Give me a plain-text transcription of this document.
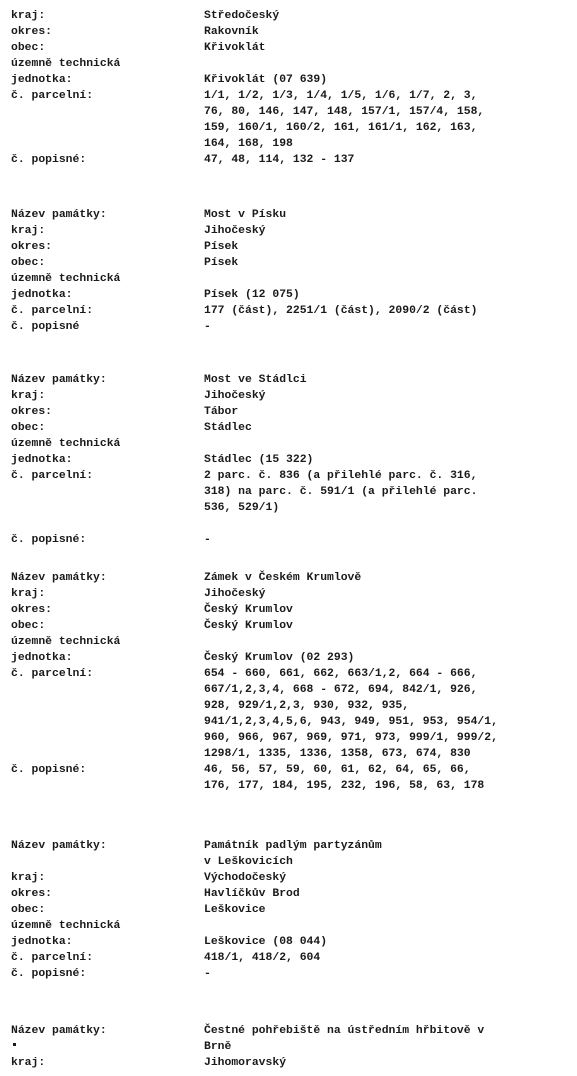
kraj:	Středočeský
okres:	Rakovník
obec:	Křivoklát
územně technická
jednotka:	Křivoklát (07 639)
č. parcelní:	1/1, 1/2, 1/3, 1/4, 1/5, 1/6, 1/7, 2, 3,
76, 80, 146, 147, 148, 157/1, 157/4, 158,
159, 160/1, 160/2, 161, 161/1, 162, 163,
164, 168, 198
č. popisné:	47, 48, 114, 132 - 137
Název památky:	Most v Písku
kraj:	Jihočeský
okres:	Písek
obec:	Písek
územně technická
jednotka:	Písek (12 075)
č. parcelní:	177 (část), 2251/1 (část), 2090/2 (část)
č. popisné	-
Název památky:	Most ve Stádlci
kraj:	Jihočeský
okres:	Tábor
obec:	Stádlec
územně technická
jednotka:	Stádlec (15 322)
č. parcelní:	2 parc. č. 836 (a přilehlé parc. č. 316,
318) na parc. č. 591/1 (a přilehlé parc.
536, 529/1)
č. popisné:	-
Název památky:	Zámek v Českém Krumlově
kraj:	Jihočeský
okres:	Český Krumlov
obec:	Český Krumlov
územně technická
jednotka:	Český Krumlov (02 293)
č. parcelní:	654 - 660, 661, 662, 663/1,2, 664 - 666,
667/1,2,3,4, 668 - 672, 694, 842/1, 926,
928, 929/1,2,3, 930, 932, 935,
941/1,2,3,4,5,6, 943, 949, 951, 953, 954/1,
960, 966, 967, 969, 971, 973, 999/1, 999/2,
1298/1, 1335, 1336, 1358, 673, 674, 830
č. popisné:	46, 56, 57, 59, 60, 61, 62, 64, 65, 66,
176, 177, 184, 195, 232, 196, 58, 63, 178
Název památky:	Památník padlým partyzánům
v Leškovicích
kraj:	Východočeský
okres:	Havlíčkův Brod
obec:	Leškovice
územně technická
jednotka:	Leškovice (08 044)
č. parcelní:	418/1, 418/2, 604
č. popisné:	-
Název památky:	Čestné pohřebiště na ústředním hřbitově v
Brně
kraj:	Jihomoravský
